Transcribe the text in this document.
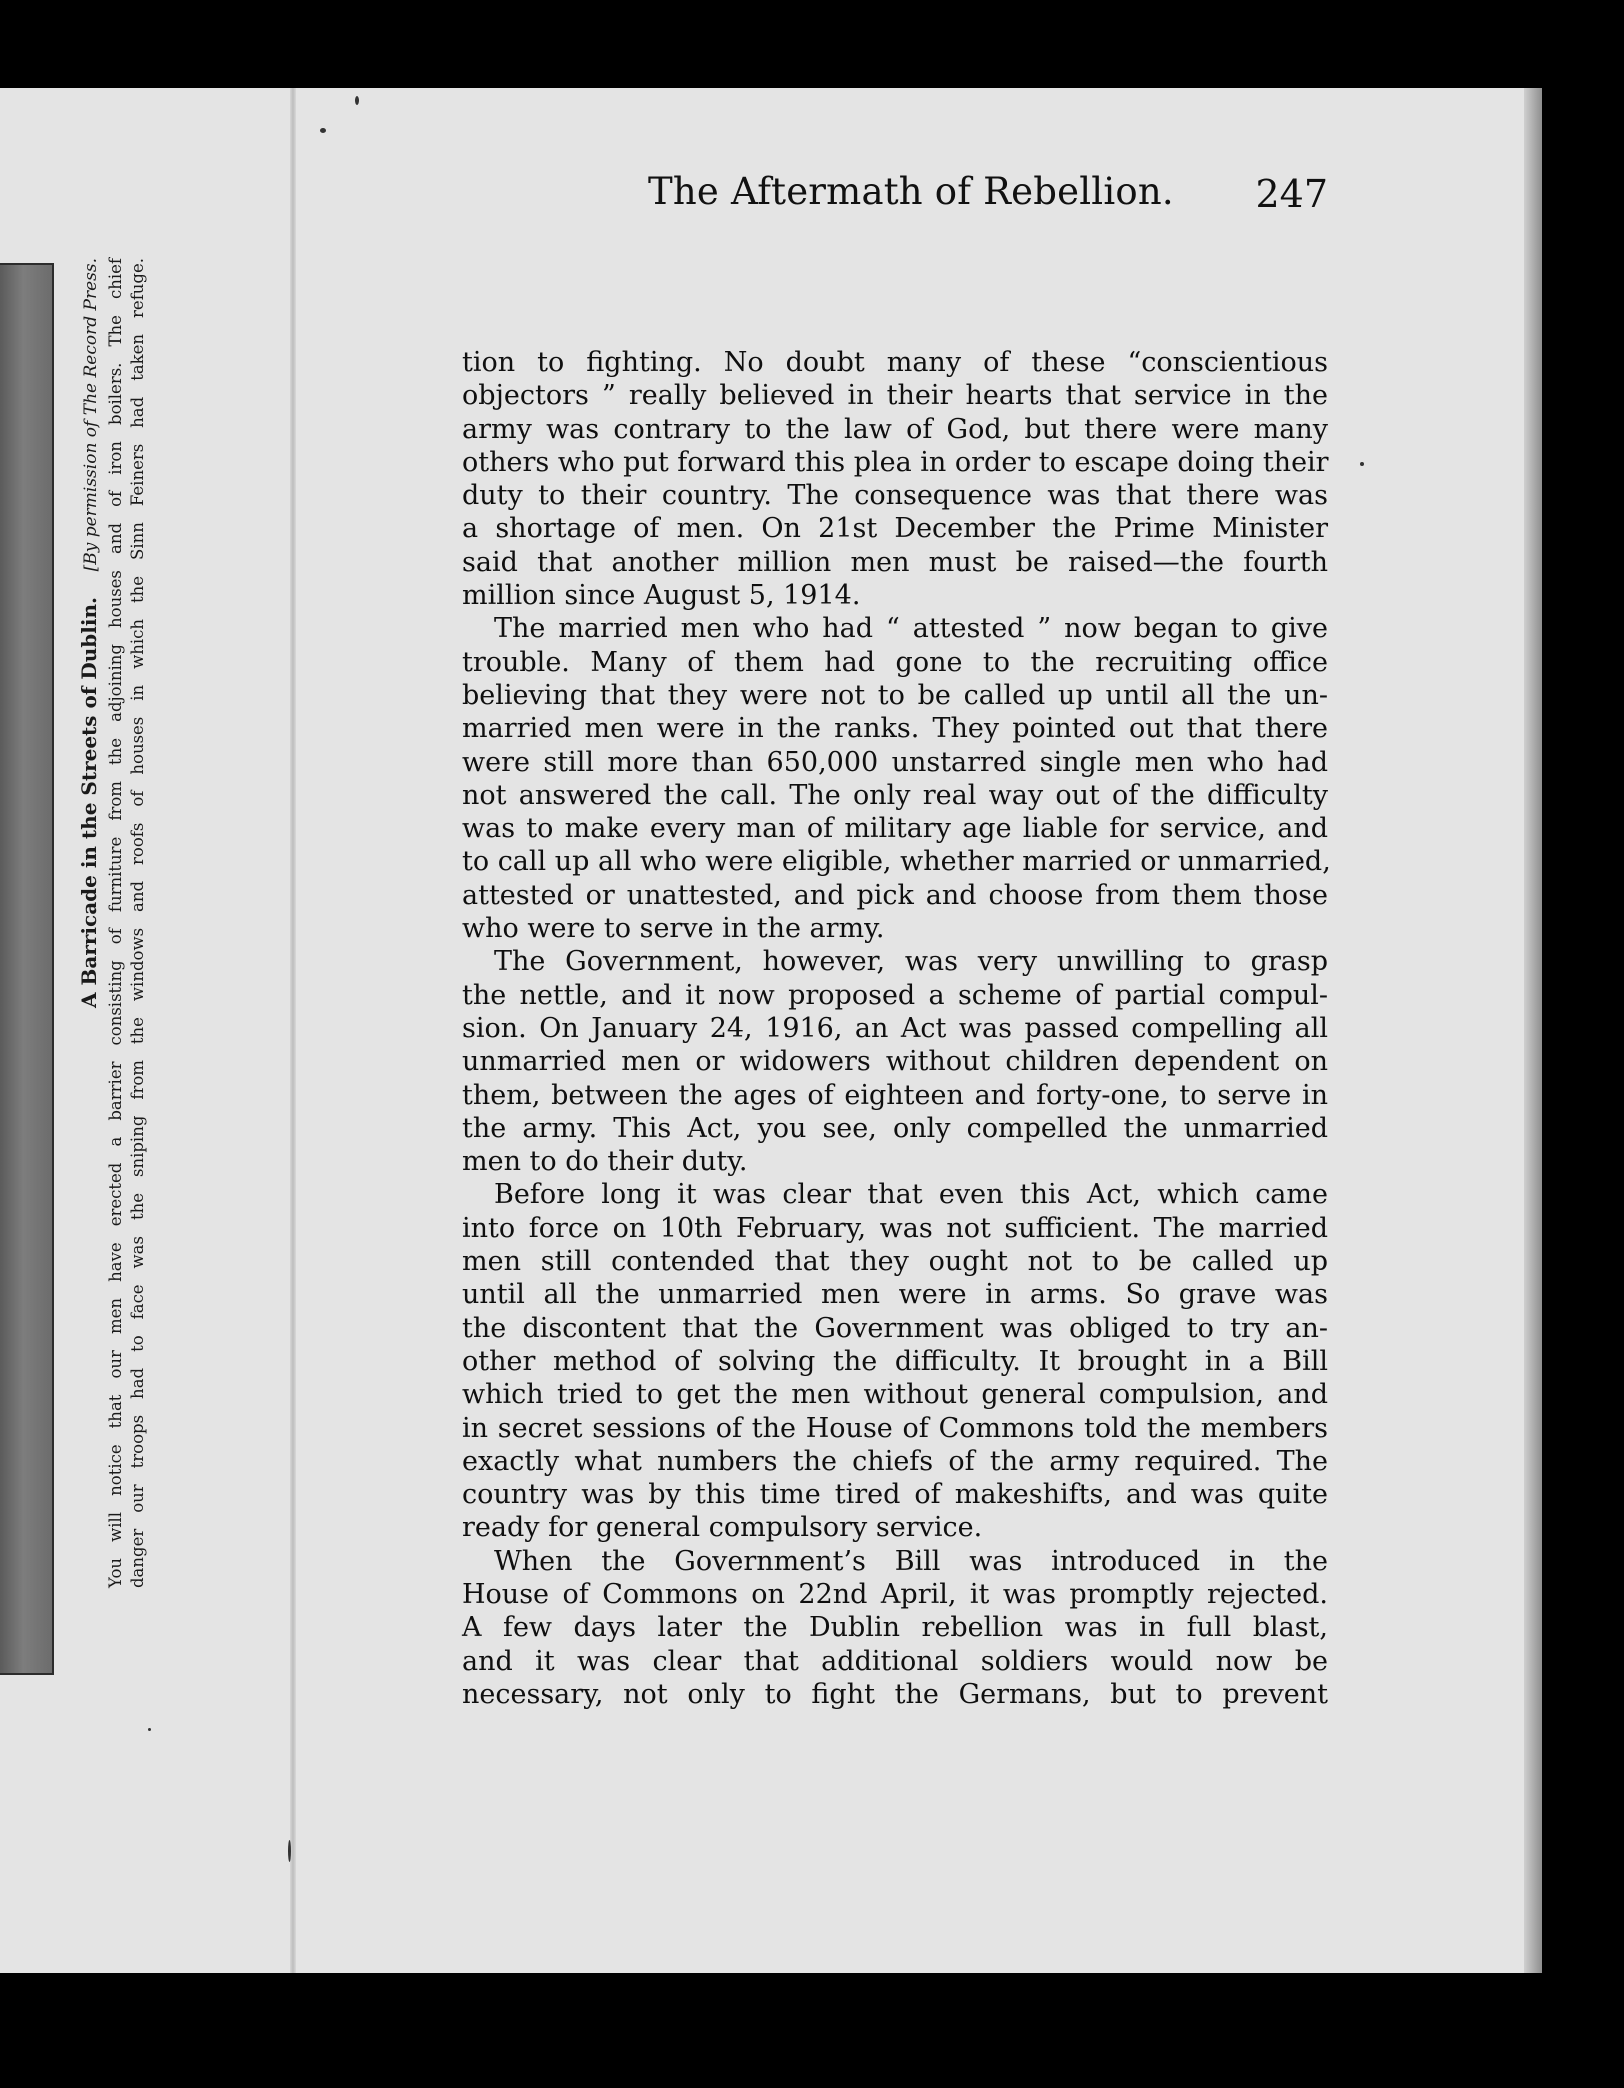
A Barricade in the Streets of Dublin.
[By permission of The Record Press. You will notice that our men have erected a barrier consisting of furniture from the adjoining houses and of iron boilers. The chief danger our troops had to face was the sniping from the windows and roofs of houses in which the Sinn Feiners had taken refuge.
The Aftermath of Rebellion. 247
tion to fighting. No doubt many of these “conscientious
objectors ” really believed in their hearts that service in the
army was contrary to the law of God, but there were many
others who put forward this plea in order to escape doing their
duty to their country. The consequence was that there was
a shortage of men. On 21st December the Prime Minister
said that another million men must be raised—the fourth
million since August 5, 1914.
The married men who had “ attested ” now began to give
trouble. Many of them had gone to the recruiting office
believing that they were not to be called up until all the un-
married men were in the ranks. They pointed out that there
were still more than 650,000 unstarred single men who had
not answered the call. The only real way out of the difficulty
was to make every man of military age liable for service, and
to call up all who were eligible, whether married or unmarried,
attested or unattested, and pick and choose from them those
who were to serve in the army.
The Government, however, was very unwilling to grasp
the nettle, and it now proposed a scheme of partial compul-
sion. On January 24, 1916, an Act was passed compelling all
unmarried men or widowers without children dependent on
them, between the ages of eighteen and forty-one, to serve in
the army. This Act, you see, only compelled the unmarried
men to do their duty.
Before long it was clear that even this Act, which came
into force on 10th February, was not sufficient. The married
men still contended that they ought not to be called up
until all the unmarried men were in arms. So grave was
the discontent that the Government was obliged to try an-
other method of solving the difficulty. It brought in a Bill
which tried to get the men without general compulsion, and
in secret sessions of the House of Commons told the members
exactly what numbers the chiefs of the army required. The
country was by this time tired of makeshifts, and was quite
ready for general compulsory service.
When the Government’s Bill was introduced in the
House of Commons on 22nd April, it was promptly rejected.
A few days later the Dublin rebellion was in full blast,
and it was clear that additional soldiers would now be
necessary, not only to fight the Germans, but to prevent
